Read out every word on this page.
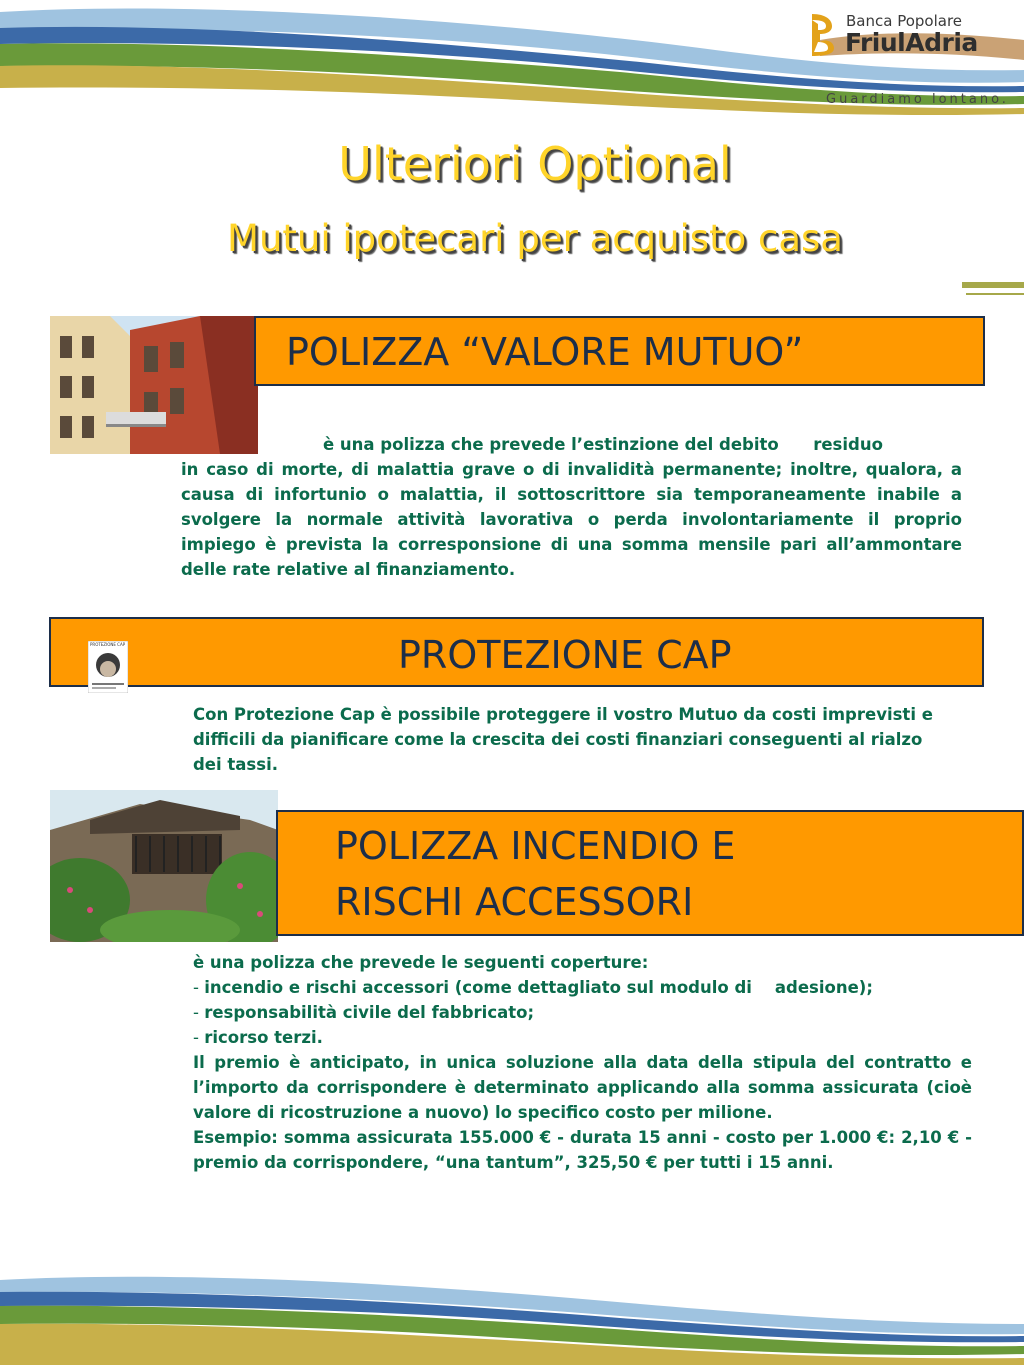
Banca Popolare
FriulAdria
Guardiamo lontano.
Ulteriori Optional
Mutui ipotecari per acquisto casa
POLIZZA “VALORE MUTUO”

è una polizza che prevede l’estinzione del debito      residuo

in caso di morte, di malattia grave o di invalidità permanente; inoltre, qualora, a causa di infortunio o malattia, il sottoscrittore sia temporaneamente inabile a svolgere la normale attività lavorativa o perda involontariamente il proprio impiego è prevista la corresponsione di una somma mensile pari all’ammontare delle rate relative al finanziamento.

PROTEZIONE CAP	PROTEZIONE CAP
Con Protezione Cap è possibile proteggere il vostro Mutuo da costi imprevisti e difficili da pianificare come la crescita dei costi finanziari conseguenti al rialzo dei tassi.
POLIZZA INCENDIO E
RISCHI ACCESSORI

è una polizza che prevede le seguenti coperture:

- incendio e rischi accessori (come dettagliato sul modulo di    adesione);

- responsabilità civile del fabbricato;

- ricorso terzi.

Il premio è anticipato, in unica soluzione alla data della stipula del contratto e l’importo da corrispondere è determinato applicando alla somma assicurata (cioè valore di ricostruzione a nuovo) lo specifico costo per milione.

Esempio: somma assicurata 155.000 € - durata 15 anni - costo per 1.000 €: 2,10 € - premio da corrispondere, “una tantum”, 325,50 € per tutti i 15 anni.
